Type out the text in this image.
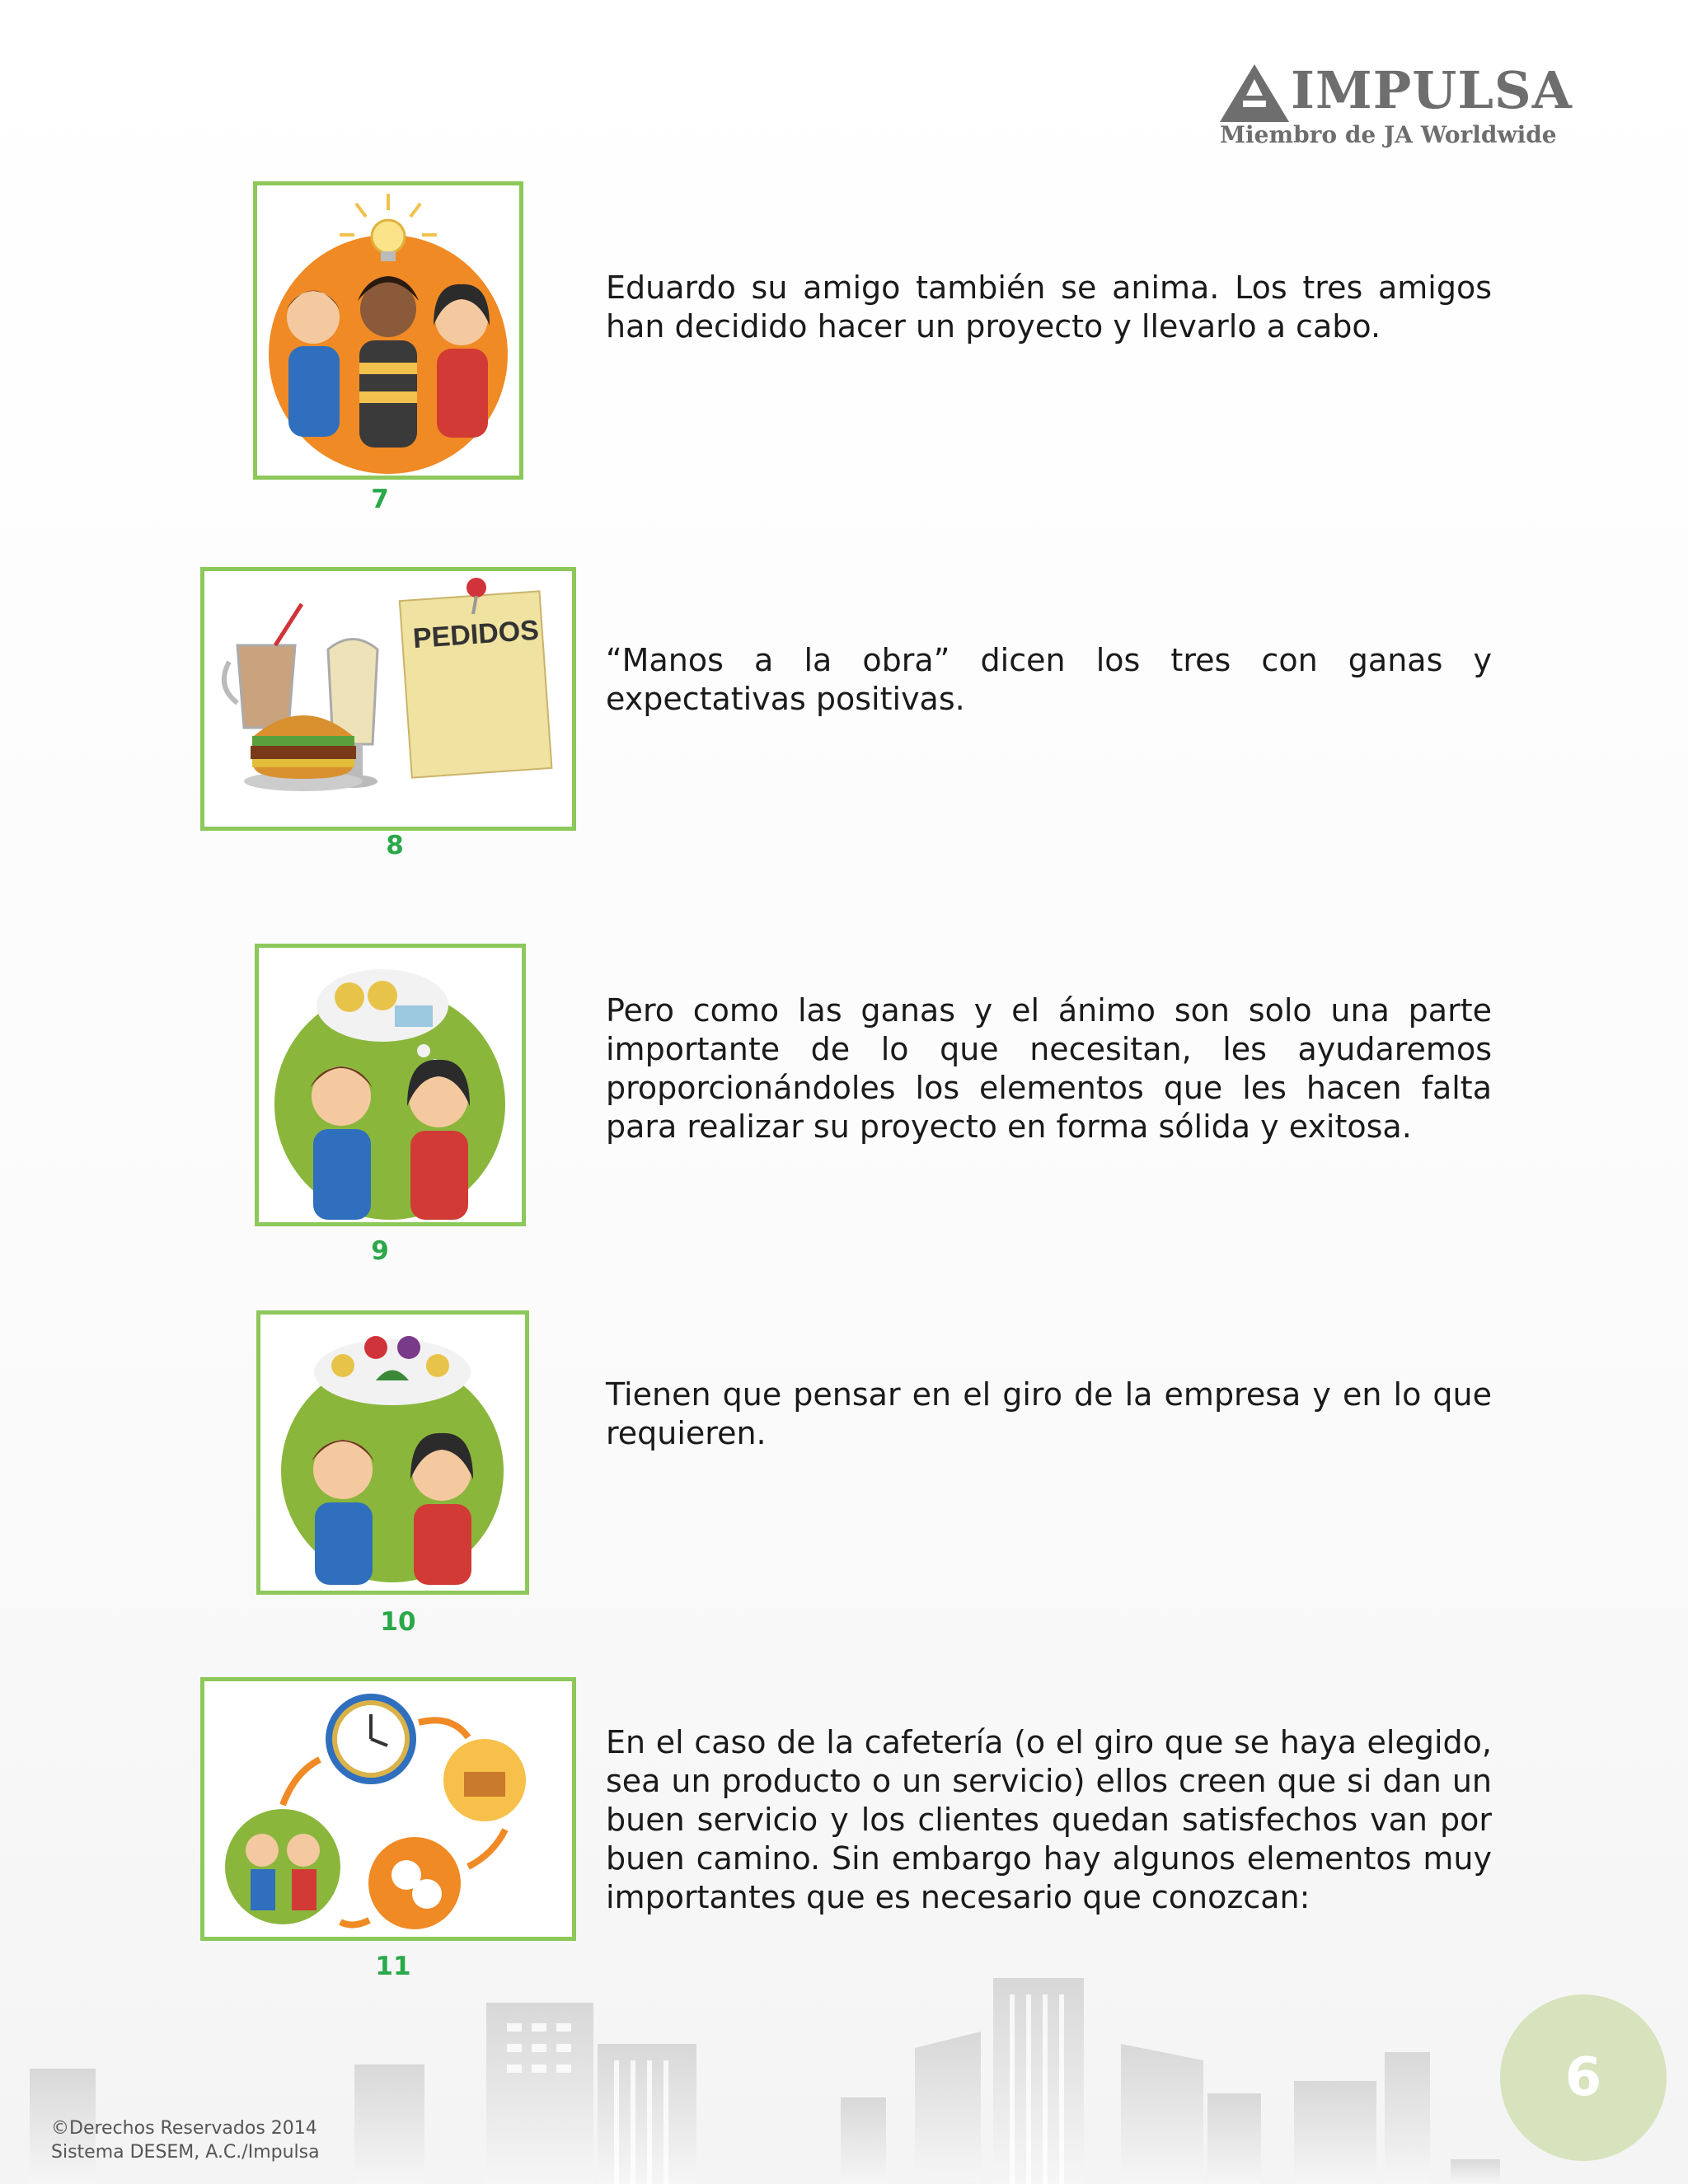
IMPULSA
Miembro de JA Worldwide
7
Eduardo su amigo también se anima. Los tres amigos han decidido hacer un proyecto y llevarlo a cabo.
PEDIDOS
8
“Manos a la obra” dicen los tres con ganas y expectativas positivas.
9
Pero como las ganas y el ánimo son solo una parte importante de lo que necesitan, les ayudaremos proporcionándoles los elementos que les hacen falta para realizar su proyecto en forma sólida y exitosa.
10
Tienen que pensar en el giro de la empresa y en lo que requieren.
11
En el caso de la cafetería (o el giro que se haya elegido, sea un producto o un servicio) ellos creen que si dan un buen servicio y los clientes quedan satisfechos van por buen camino. Sin embargo hay algunos elementos muy importantes que es necesario que conozcan:
©Derechos Reservados 2014
Sistema DESEM, A.C./Impulsa
6
